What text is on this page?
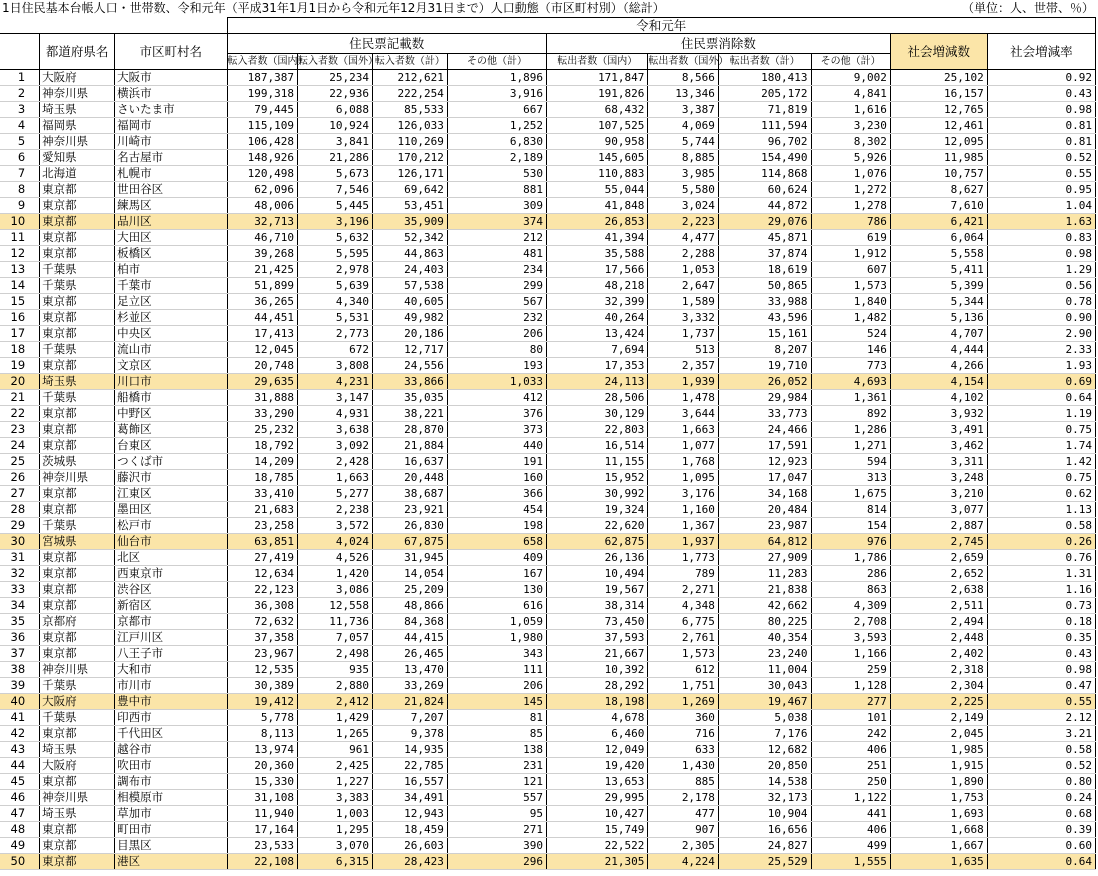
1日住民基本台帳人口・世帯数、令和元年（平成31年1月1日から令和元年12月31日まで）人口動態（市区町村別）（総計）	（単位：人、世帯、％）
			令和元年									
	都道府県名	市区町村名	住民票記載数				住民票消除数				社会増減数	社会増減率
			転入者数（国内）	転入者数（国外）	転入者数（計）	その他（計）	転出者数（国内）	転出者数（国外）	転出者数（計）	その他（計）		
1	大阪府	大阪市	187,387	25,234	212,621	1,896	171,847	8,566	180,413	9,002	25,102	0.92
2	神奈川県	横浜市	199,318	22,936	222,254	3,916	191,826	13,346	205,172	4,841	16,157	0.43
3	埼玉県	さいたま市	79,445	6,088	85,533	667	68,432	3,387	71,819	1,616	12,765	0.98
4	福岡県	福岡市	115,109	10,924	126,033	1,252	107,525	4,069	111,594	3,230	12,461	0.81
5	神奈川県	川崎市	106,428	3,841	110,269	6,830	90,958	5,744	96,702	8,302	12,095	0.81
6	愛知県	名古屋市	148,926	21,286	170,212	2,189	145,605	8,885	154,490	5,926	11,985	0.52
7	北海道	札幌市	120,498	5,673	126,171	530	110,883	3,985	114,868	1,076	10,757	0.55
8	東京都	世田谷区	62,096	7,546	69,642	881	55,044	5,580	60,624	1,272	8,627	0.95
9	東京都	練馬区	48,006	5,445	53,451	309	41,848	3,024	44,872	1,278	7,610	1.04
10	東京都	品川区	32,713	3,196	35,909	374	26,853	2,223	29,076	786	6,421	1.63
11	東京都	大田区	46,710	5,632	52,342	212	41,394	4,477	45,871	619	6,064	0.83
12	東京都	板橋区	39,268	5,595	44,863	481	35,588	2,288	37,874	1,912	5,558	0.98
13	千葉県	柏市	21,425	2,978	24,403	234	17,566	1,053	18,619	607	5,411	1.29
14	千葉県	千葉市	51,899	5,639	57,538	299	48,218	2,647	50,865	1,573	5,399	0.56
15	東京都	足立区	36,265	4,340	40,605	567	32,399	1,589	33,988	1,840	5,344	0.78
16	東京都	杉並区	44,451	5,531	49,982	232	40,264	3,332	43,596	1,482	5,136	0.90
17	東京都	中央区	17,413	2,773	20,186	206	13,424	1,737	15,161	524	4,707	2.90
18	千葉県	流山市	12,045	672	12,717	80	7,694	513	8,207	146	4,444	2.33
19	東京都	文京区	20,748	3,808	24,556	193	17,353	2,357	19,710	773	4,266	1.93
20	埼玉県	川口市	29,635	4,231	33,866	1,033	24,113	1,939	26,052	4,693	4,154	0.69
21	千葉県	船橋市	31,888	3,147	35,035	412	28,506	1,478	29,984	1,361	4,102	0.64
22	東京都	中野区	33,290	4,931	38,221	376	30,129	3,644	33,773	892	3,932	1.19
23	東京都	葛飾区	25,232	3,638	28,870	373	22,803	1,663	24,466	1,286	3,491	0.75
24	東京都	台東区	18,792	3,092	21,884	440	16,514	1,077	17,591	1,271	3,462	1.74
25	茨城県	つくば市	14,209	2,428	16,637	191	11,155	1,768	12,923	594	3,311	1.42
26	神奈川県	藤沢市	18,785	1,663	20,448	160	15,952	1,095	17,047	313	3,248	0.75
27	東京都	江東区	33,410	5,277	38,687	366	30,992	3,176	34,168	1,675	3,210	0.62
28	東京都	墨田区	21,683	2,238	23,921	454	19,324	1,160	20,484	814	3,077	1.13
29	千葉県	松戸市	23,258	3,572	26,830	198	22,620	1,367	23,987	154	2,887	0.58
30	宮城県	仙台市	63,851	4,024	67,875	658	62,875	1,937	64,812	976	2,745	0.26
31	東京都	北区	27,419	4,526	31,945	409	26,136	1,773	27,909	1,786	2,659	0.76
32	東京都	西東京市	12,634	1,420	14,054	167	10,494	789	11,283	286	2,652	1.31
33	東京都	渋谷区	22,123	3,086	25,209	130	19,567	2,271	21,838	863	2,638	1.16
34	東京都	新宿区	36,308	12,558	48,866	616	38,314	4,348	42,662	4,309	2,511	0.73
35	京都府	京都市	72,632	11,736	84,368	1,059	73,450	6,775	80,225	2,708	2,494	0.18
36	東京都	江戸川区	37,358	7,057	44,415	1,980	37,593	2,761	40,354	3,593	2,448	0.35
37	東京都	八王子市	23,967	2,498	26,465	343	21,667	1,573	23,240	1,166	2,402	0.43
38	神奈川県	大和市	12,535	935	13,470	111	10,392	612	11,004	259	2,318	0.98
39	千葉県	市川市	30,389	2,880	33,269	206	28,292	1,751	30,043	1,128	2,304	0.47
40	大阪府	豊中市	19,412	2,412	21,824	145	18,198	1,269	19,467	277	2,225	0.55
41	千葉県	印西市	5,778	1,429	7,207	81	4,678	360	5,038	101	2,149	2.12
42	東京都	千代田区	8,113	1,265	9,378	85	6,460	716	7,176	242	2,045	3.21
43	埼玉県	越谷市	13,974	961	14,935	138	12,049	633	12,682	406	1,985	0.58
44	大阪府	吹田市	20,360	2,425	22,785	231	19,420	1,430	20,850	251	1,915	0.52
45	東京都	調布市	15,330	1,227	16,557	121	13,653	885	14,538	250	1,890	0.80
46	神奈川県	相模原市	31,108	3,383	34,491	557	29,995	2,178	32,173	1,122	1,753	0.24
47	埼玉県	草加市	11,940	1,003	12,943	95	10,427	477	10,904	441	1,693	0.68
48	東京都	町田市	17,164	1,295	18,459	271	15,749	907	16,656	406	1,668	0.39
49	東京都	目黒区	23,533	3,070	26,603	390	22,522	2,305	24,827	499	1,667	0.60
50	東京都	港区	22,108	6,315	28,423	296	21,305	4,224	25,529	1,555	1,635	0.64
